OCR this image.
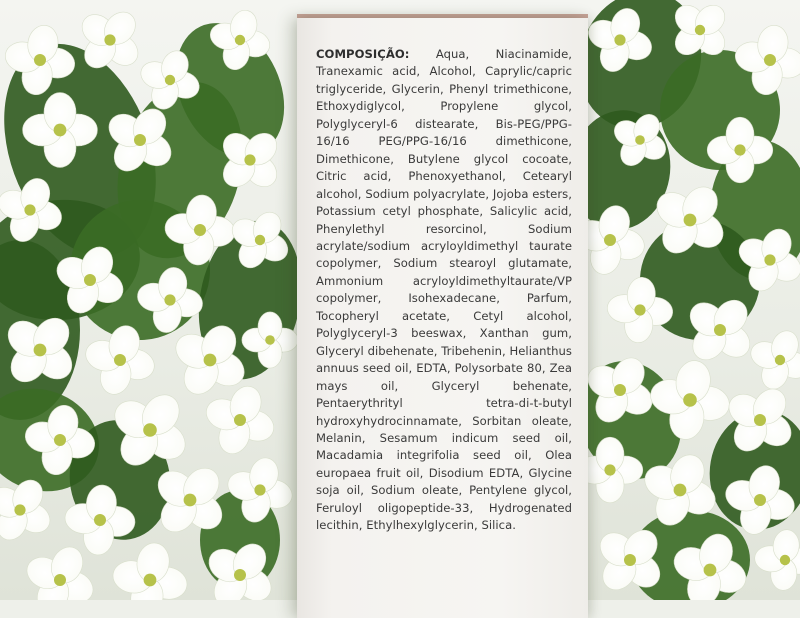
COMPOSIÇÃO: Aqua, Niacinamide, Tranexamic acid, Alcohol, Caprylic/capric triglyceride, Glycerin, Phenyl trimethicone, Ethoxydiglycol, Propylene glycol, Polyglyceryl-6 distearate, Bis-PEG/PPG-16/16 PEG/PPG-16/16 dimethicone, Dimethicone, Butylene glycol cocoate, Citric acid, Phenoxyethanol, Cetearyl alcohol, Sodium polyacrylate, Jojoba esters, Potassium cetyl phosphate, Salicylic acid, Phenylethyl resorcinol, Sodium acrylate/sodium acryloyldimethyl taurate copolymer, Sodium stearoyl glutamate, Ammonium acryloyldimethyltaurate/VP copolymer, Isohexadecane, Parfum, Tocopheryl acetate, Cetyl alcohol, Polyglyceryl-3 beeswax, Xanthan gum, Glyceryl dibehenate, Tribehenin, Helianthus annuus seed oil, EDTA, Polysorbate 80, Zea mays oil, Glyceryl behenate, Pentaerythrityl tetra-di-t-butyl hydroxyhydrocinnamate, Sorbitan oleate, Melanin, Sesamum indicum seed oil, Macadamia integrifolia seed oil, Olea europaea fruit oil, Disodium EDTA, Glycine soja oil, Sodium oleate, Pentylene glycol, Feruloyl oligopeptide-33, Hydrogenated lecithin, Ethylhexylglycerin, Silica.
